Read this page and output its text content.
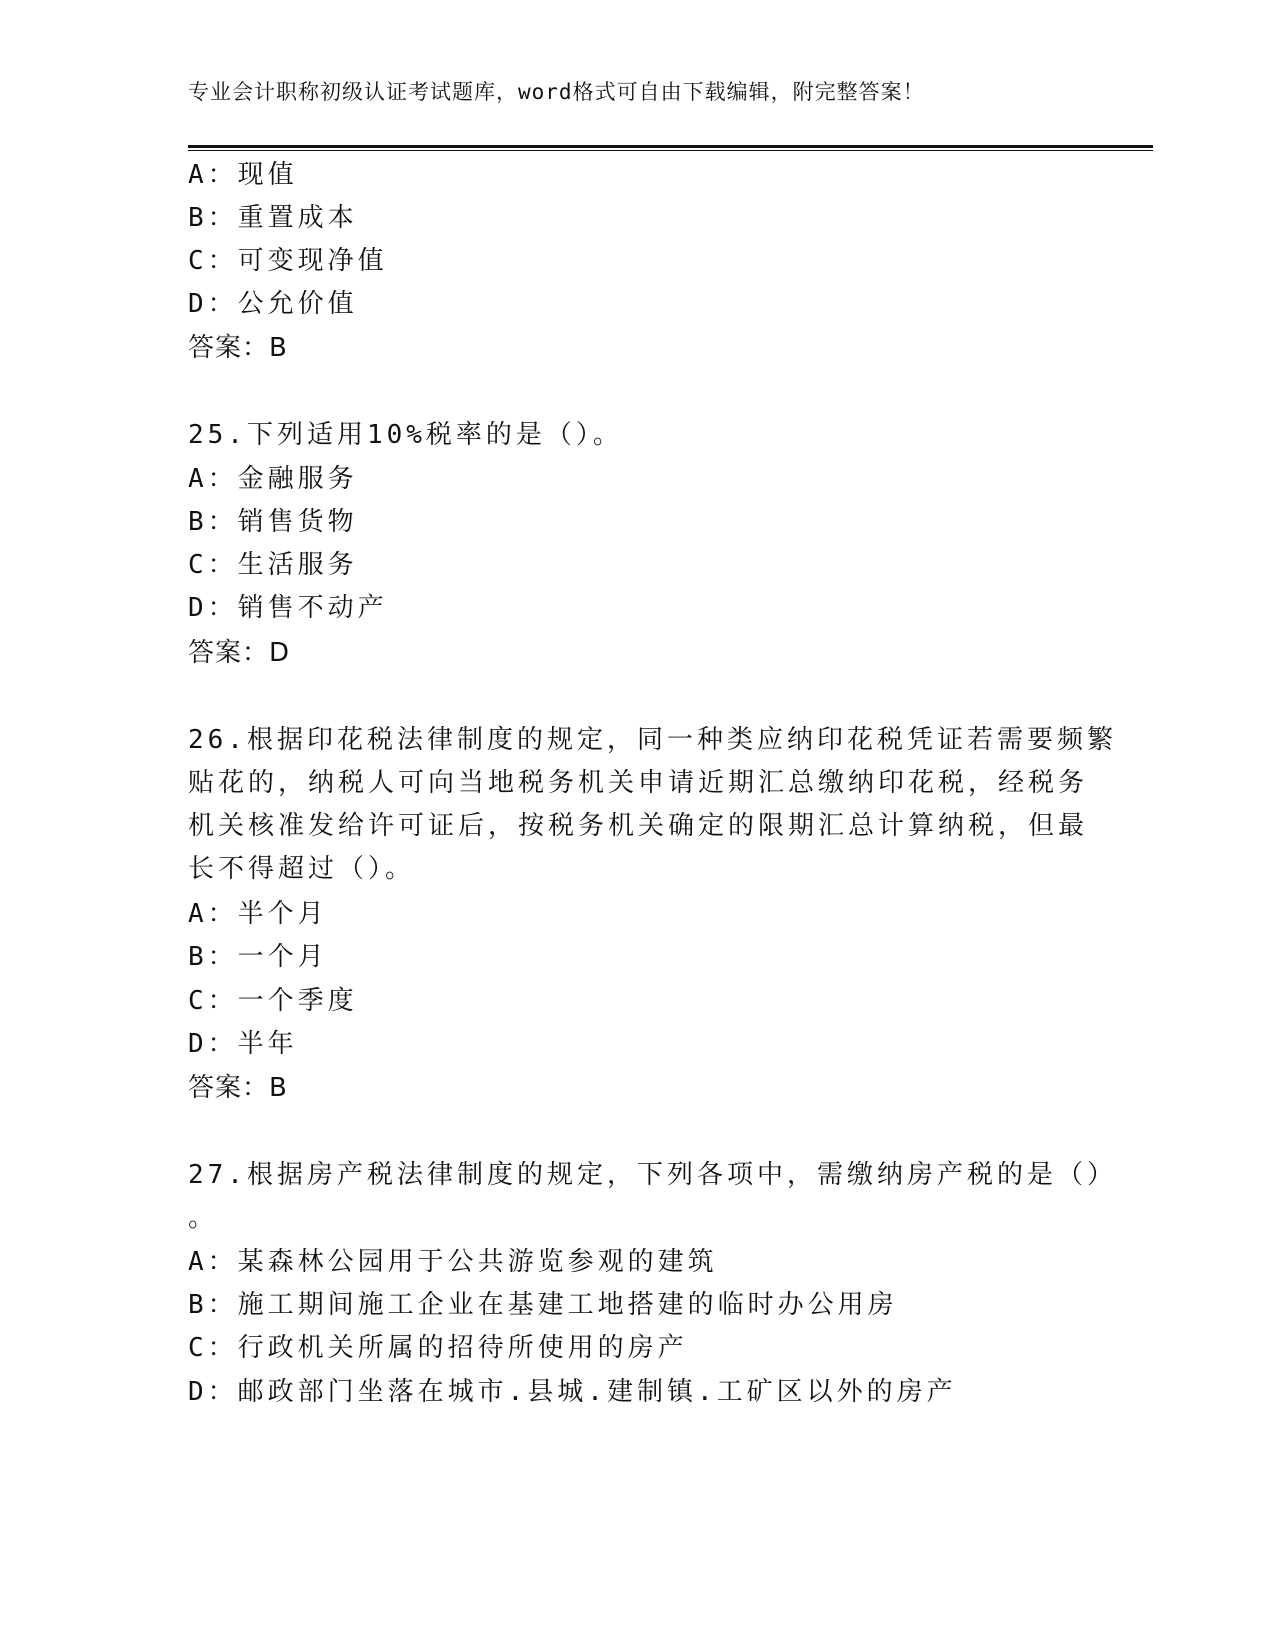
专业会计职称初级认证考试题库，word格式可自由下载编辑，附完整答案！
A：现值
B：重置成本
C：可变现净值
D：公允价值
答案：B
25.下列适用10%税率的是（）。
A：金融服务
B：销售货物
C：生活服务
D：销售不动产
答案：D
26.根据印花税法律制度的规定，同一种类应纳印花税凭证若需要频繁
贴花的，纳税人可向当地税务机关申请近期汇总缴纳印花税，经税务
机关核准发给许可证后，按税务机关确定的限期汇总计算纳税，但最
长不得超过（）。
A：半个月
B：一个月
C：一个季度
D：半年
答案：B
27.根据房产税法律制度的规定，下列各项中，需缴纳房产税的是（）
。
A：某森林公园用于公共游览参观的建筑
B：施工期间施工企业在基建工地搭建的临时办公用房
C：行政机关所属的招待所使用的房产
D：邮政部门坐落在城市.县城.建制镇.工矿区以外的房产
